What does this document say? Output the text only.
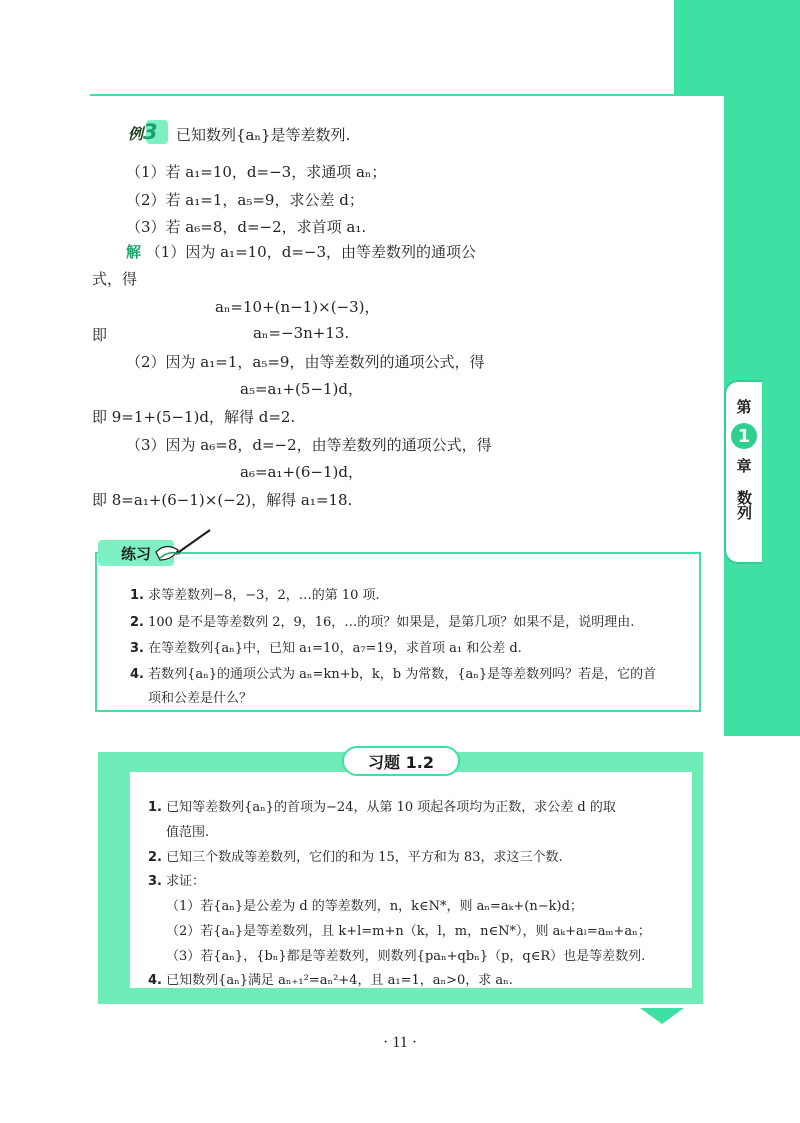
第
1
章
数列
例3	已知数列{aₙ}是等差数列.
（1）若 a₁=10，d=−3，求通项 aₙ；
（2）若 a₁=1，a₅=9，求公差 d；
（3）若 a₆=8，d=−2，求首项 a₁.
解 （1）因为 a₁=10，d=−3，由等差数列的通项公
式，得
aₙ=10+(n−1)×(−3)，
即	aₙ=−3n+13.
（2）因为 a₁=1，a₅=9，由等差数列的通项公式，得
a₅=a₁+(5−1)d，
即 9=1+(5−1)d，解得 d=2.
（3）因为 a₆=8，d=−2，由等差数列的通项公式，得
a₆=a₁+(6−1)d，
即 8=a₁+(6−1)×(−2)，解得 a₁=18.
练习
1. 求等差数列−8，−3，2，…的第 10 项.
2. 100 是不是等差数列 2，9，16，…的项？如果是，是第几项？如果不是，说明理由.
3. 在等差数列{aₙ}中，已知 a₁=10，a₇=19，求首项 a₁ 和公差 d.
4. 若数列{aₙ}的通项公式为 aₙ=kn+b，k，b 为常数，{aₙ}是等差数列吗？若是，它的首
项和公差是什么？
习题 1.2
1. 已知等差数列{aₙ}的首项为−24，从第 10 项起各项均为正数，求公差 d 的取
值范围.
2. 已知三个数成等差数列，它们的和为 15，平方和为 83，求这三个数.
3. 求证：
（1）若{aₙ}是公差为 d 的等差数列，n，k∈N*，则 aₙ=aₖ+(n−k)d；
（2）若{aₙ}是等差数列，且 k+l=m+n（k，l，m，n∈N*），则 aₖ+aₗ=aₘ+aₙ；
（3）若{aₙ}，{bₙ}都是等差数列，则数列{paₙ+qbₙ}（p，q∈R）也是等差数列.
4. 已知数列{aₙ}满足 aₙ₊₁²=aₙ²+4，且 a₁=1，aₙ>0，求 aₙ.
· 11 ·
